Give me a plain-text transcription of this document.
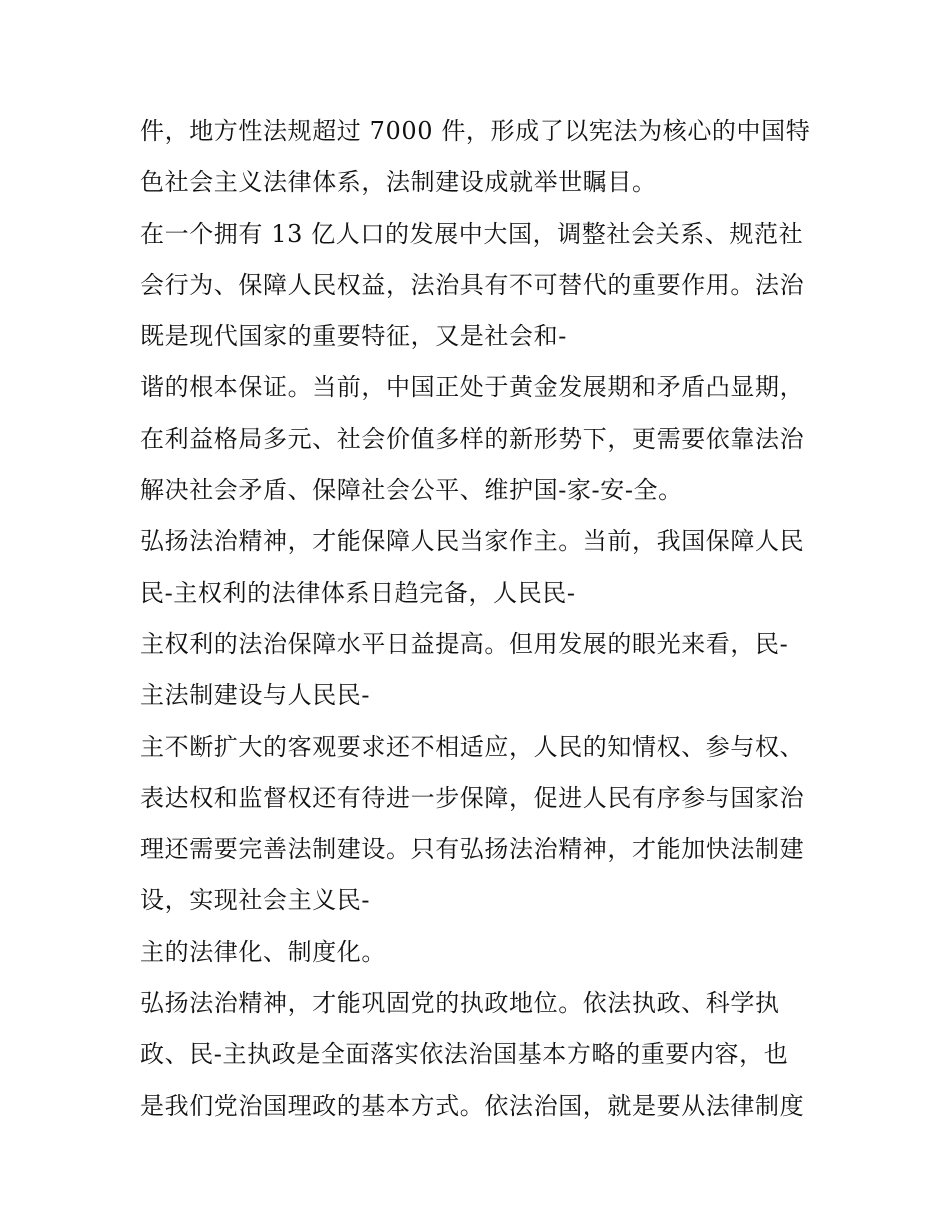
件，地方性法规超过 7000 件，形成了以宪法为核心的中国特
色社会主义法律体系，法制建设成就举世瞩目。
在一个拥有 13 亿人口的发展中大国，调整社会关系、规范社
会行为、保障人民权益，法治具有不可替代的重要作用。法治
既是现代国家的重要特征，又是社会和-
谐的根本保证。当前，中国正处于黄金发展期和矛盾凸显期，
在利益格局多元、社会价值多样的新形势下，更需要依靠法治
解决社会矛盾、保障社会公平、维护国-家-安-全。
弘扬法治精神，才能保障人民当家作主。当前，我国保障人民
民-主权利的法律体系日趋完备，人民民-
主权利的法治保障水平日益提高。但用发展的眼光来看，民-
主法制建设与人民民-
主不断扩大的客观要求还不相适应，人民的知情权、参与权、
表达权和监督权还有待进一步保障，促进人民有序参与国家治
理还需要完善法制建设。只有弘扬法治精神，才能加快法制建
设，实现社会主义民-
主的法律化、制度化。
弘扬法治精神，才能巩固党的执政地位。依法执政、科学执
政、民-主执政是全面落实依法治国基本方略的重要内容，也
是我们党治国理政的基本方式。依法治国，就是要从法律制度
